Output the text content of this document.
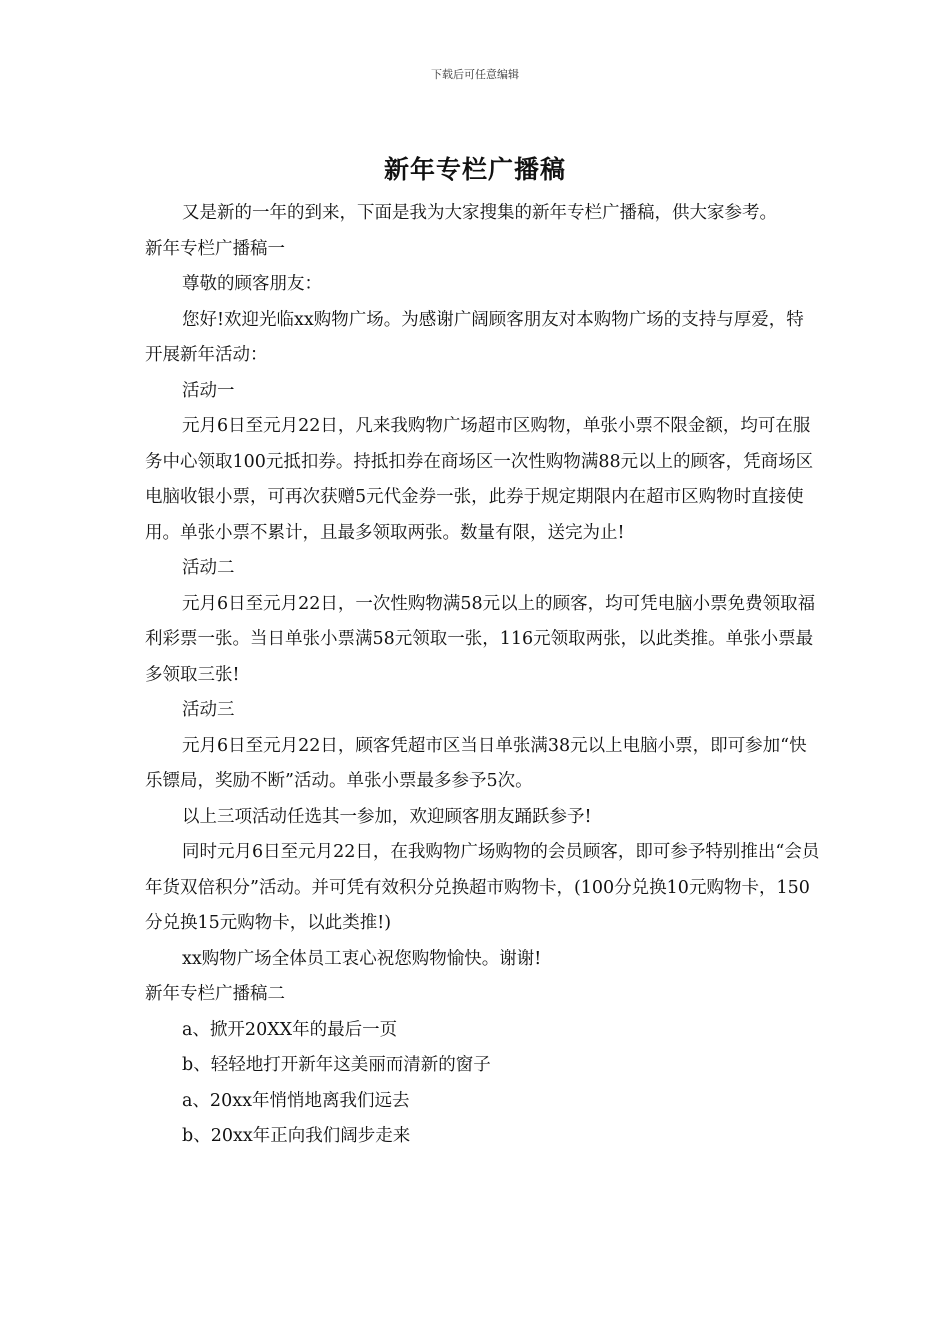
下载后可任意编辑
新年专栏广播稿

又是新的一年的到来，下面是我为大家搜集的新年专栏广播稿，供大家参考。

新年专栏广播稿一

尊敬的顾客朋友：

您好!欢迎光临xx购物广场。为感谢广阔顾客朋友对本购物广场的支持与厚爱，特开展新年活动：

活动一

元月6日至元月22日，凡来我购物广场超市区购物，单张小票不限金额，均可在服务中心领取100元抵扣券。持抵扣券在商场区一次性购物满88元以上的顾客，凭商场区电脑收银小票，可再次获赠5元代金券一张，此券于规定期限内在超市区购物时直接使用。单张小票不累计，且最多领取两张。数量有限，送完为止!

活动二

元月6日至元月22日，一次性购物满58元以上的顾客，均可凭电脑小票免费领取福利彩票一张。当日单张小票满58元领取一张，116元领取两张，以此类推。单张小票最多领取三张!

活动三

元月6日至元月22日，顾客凭超市区当日单张满38元以上电脑小票，即可参加“快乐镖局，奖励不断”活动。单张小票最多参予5次。

以上三项活动任选其一参加，欢迎顾客朋友踊跃参予!

同时元月6日至元月22日，在我购物广场购物的会员顾客，即可参予特别推出“会员年货双倍积分”活动。并可凭有效积分兑换超市购物卡，(100分兑换10元购物卡，150分兑换15元购物卡，以此类推!)

xx购物广场全体员工衷心祝您购物愉快。谢谢!

新年专栏广播稿二

a、掀开20XX年的最后一页

b、轻轻地打开新年这美丽而清新的窗子

a、20xx年悄悄地离我们远去

b、20xx年正向我们阔步走来
